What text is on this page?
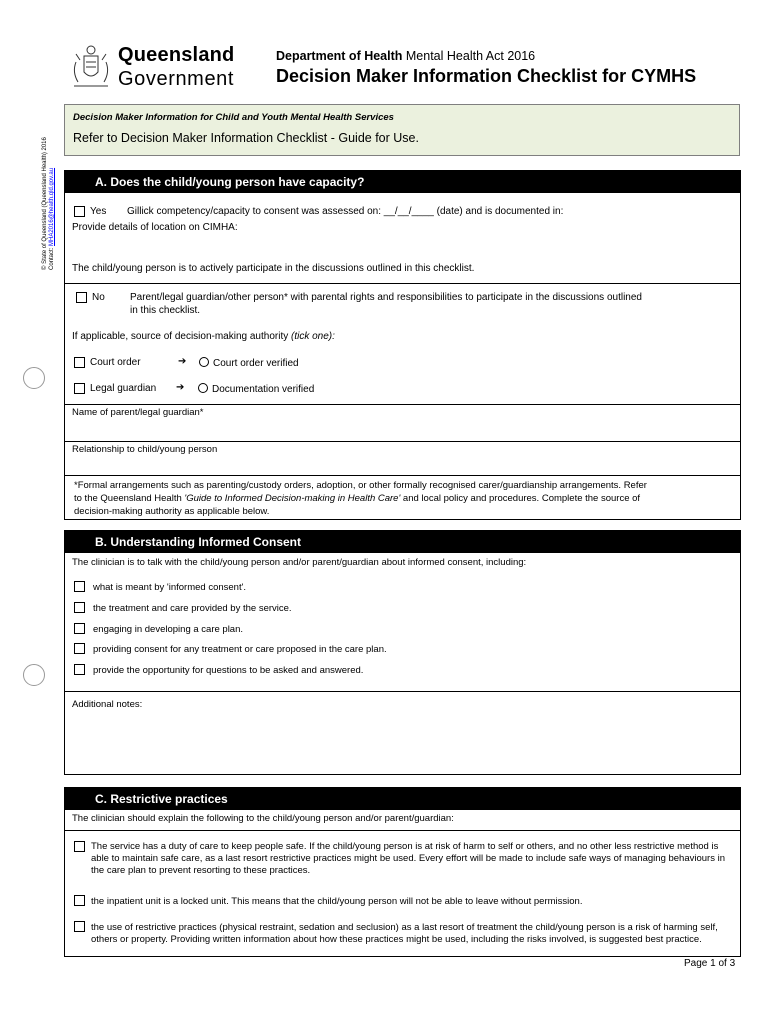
Queensland
Government
Department of Health Mental Health Act 2016
Decision Maker Information Checklist for CYMHS
© State of Queensland (Queensland Health) 2016 Contact: MHA2016@health.qld.gov.au
Decision Maker Information for Child and Youth Mental Health Services
Refer to Decision Maker Information Checklist - Guide for Use.
A. Does the child/young person have capacity?
Yes Gillick competency/capacity to consent was assessed on: __/__/____ (date) and is documented in:
Provide details of location on CIMHA:
The child/young person is to actively participate in the discussions outlined in this checklist.
No	Parent/legal guardian/other person* with parental rights and responsibilities to participate in the discussions outlined
in this checklist.
If applicable, source of decision-making authority (tick one):
Court order	➔	Court order verified
Legal guardian ➔	Documentation verified
Name of parent/legal guardian*
Relationship to child/young person
*Formal arrangements such as parenting/custody orders, adoption, or other formally recognised carer/guardianship arrangements. Refer
to the Queensland Health 'Guide to Informed Decision-making in Health Care' and local policy and procedures. Complete the source of
decision-making authority as applicable below.
B. Understanding Informed Consent
The clinician is to talk with the child/young person and/or parent/guardian about informed consent, including:
what is meant by 'informed consent'.
the treatment and care provided by the service.
engaging in developing a care plan.
providing consent for any treatment or care proposed in the care plan.
provide the opportunity for questions to be asked and answered.
Additional notes:
C. Restrictive practices
The clinician should explain the following to the child/young person and/or parent/guardian:
The service has a duty of care to keep people safe. If the child/young person is at risk of harm to self or others, and no other less restrictive method is able to maintain safe care, as a last resort restrictive practices might be used. Every effort will be made to include safe ways of managing behaviours in the care plan to prevent resorting to these practices.
the inpatient unit is a locked unit. This means that the child/young person will not be able to leave without permission.
the use of restrictive practices (physical restraint, sedation and seclusion) as a last resort of treatment the child/young person is a risk of harming self, others or property. Providing written information about how these practices might be used, including the risks involved, is suggested best practice.
Page 1 of 3
